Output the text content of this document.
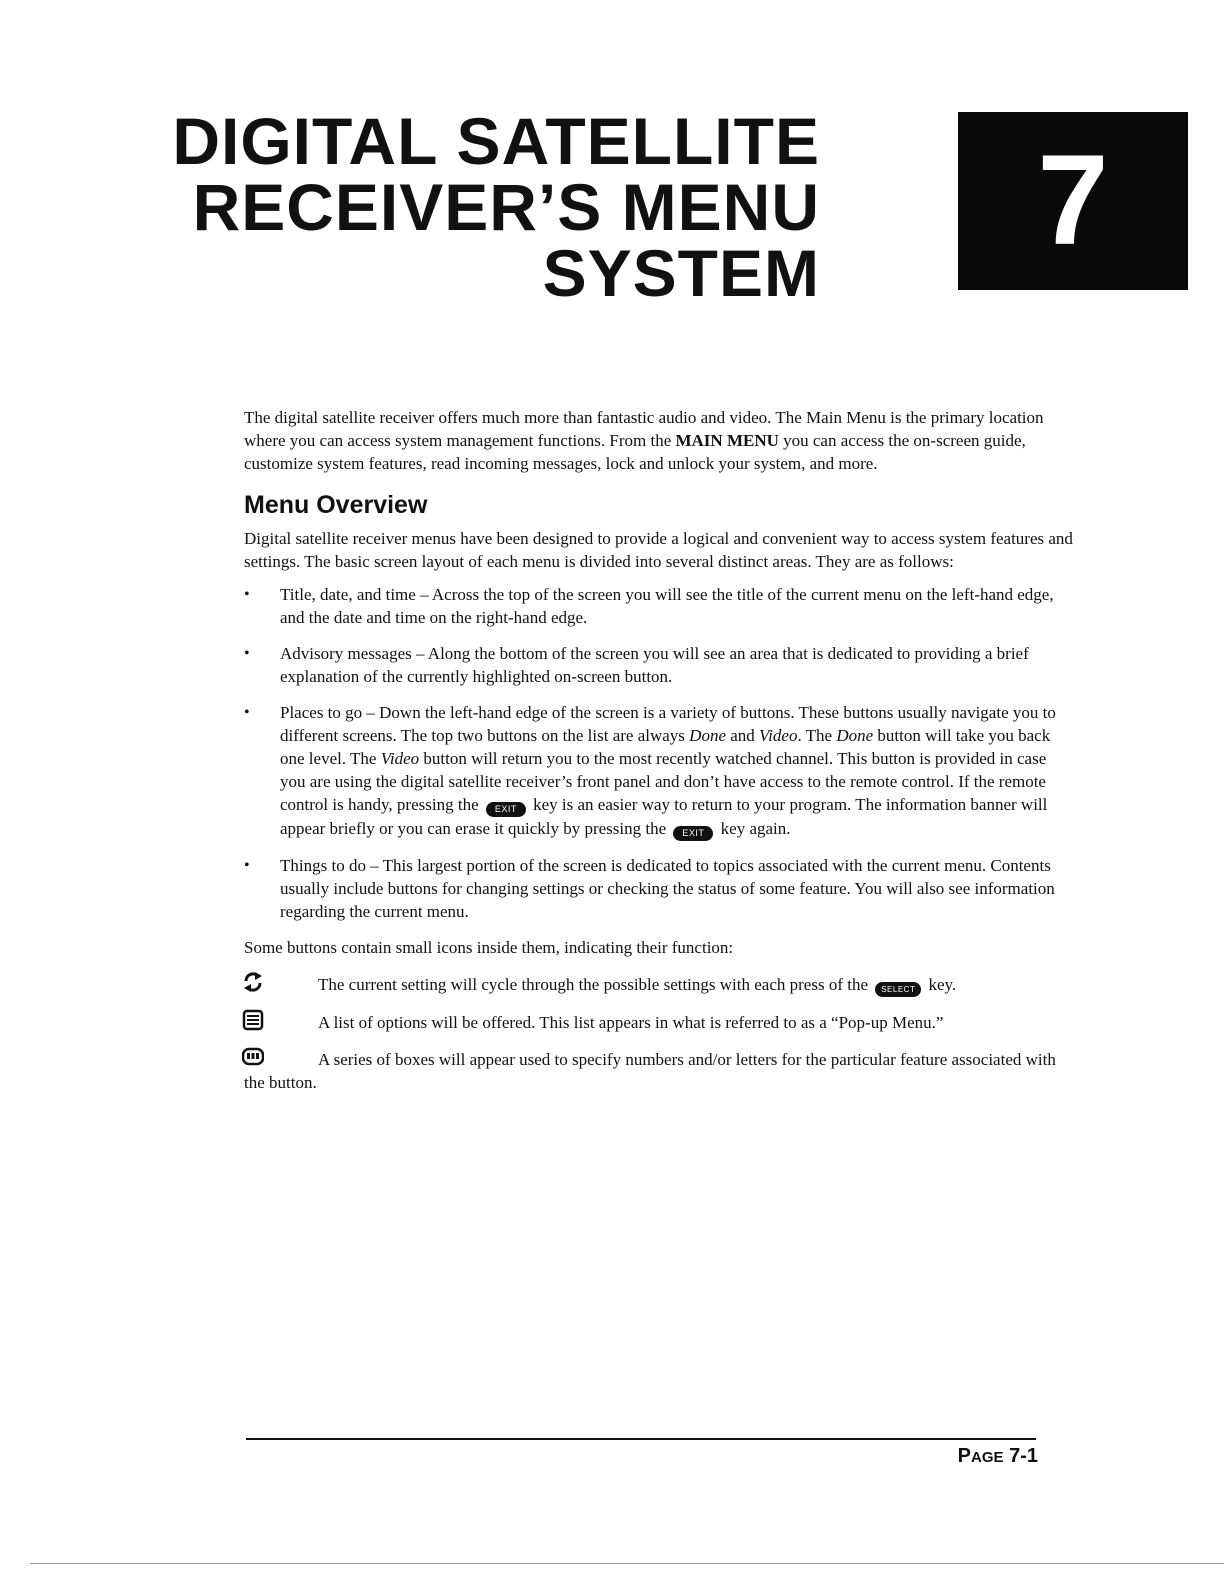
DIGITAL SATELLITE
RECEIVER’S MENU
SYSTEM
7

The digital satellite receiver offers much more than fantastic audio and video. The Main Menu is the primary location where you can access system management functions. From the MAIN MENU you can access the on-screen guide, customize system features, read incoming messages, lock and unlock your system, and more.

Menu Overview

Digital satellite receiver menus have been designed to provide a logical and convenient way to access system features and settings. The basic screen layout of each menu is divided into several distinct areas. They are as follows:

• Title, date, and time – Across the top of the screen you will see the title of the current menu on the left-hand edge, and the date and time on the right-hand edge.
• Advisory messages – Along the bottom of the screen you will see an area that is dedicated to providing a brief explanation of the currently highlighted on-screen button.
• Places to go – Down the left-hand edge of the screen is a variety of buttons. These buttons usually navigate you to different screens. The top two buttons on the list are always Done and Video. The Done button will take you back one level. The Video button will return you to the most recently watched channel. This button is provided in case you are using the digital satellite receiver’s front panel and don’t have access to the remote control. If the remote control is handy, pressing the EXIT key is an easier way to return to your program. The information banner will appear briefly or you can erase it quickly by pressing the EXIT key again.
• Things to do – This largest portion of the screen is dedicated to topics associated with the current menu. Contents usually include buttons for changing settings or checking the status of some feature. You will also see information regarding the current menu.

Some buttons contain small icons inside them, indicating their function:

The current setting will cycle through the possible settings with each press of the SELECT key.
A list of options will be offered. This list appears in what is referred to as a “Pop-up Menu.”
A series of boxes will appear used to specify numbers and/or letters for the particular feature associated with the button.
PAGE 7-1
